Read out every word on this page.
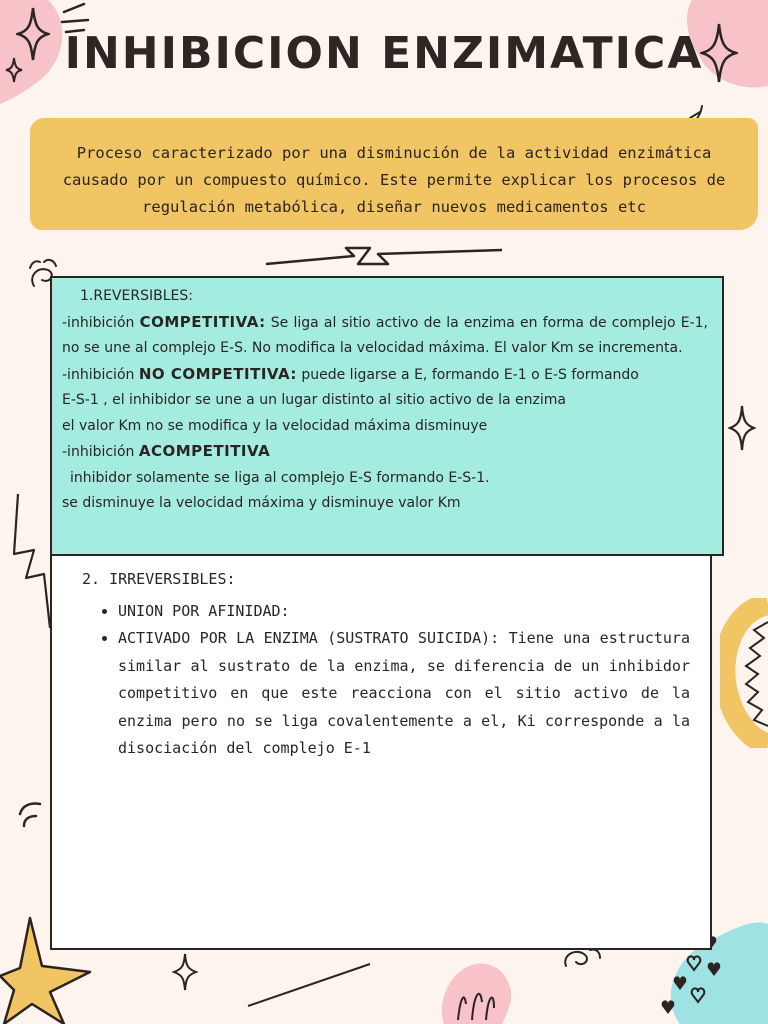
INHIBICION ENZIMATICA

Proceso caracterizado por una disminución de la actividad enzimática causado por un compuesto químico. Este permite explicar los procesos de regulación metabólica, diseñar nuevos medicamentos etc

1.REVERSIBLES:
-inhibición COMPETITIVA: Se liga al sitio activo de la enzima en forma de complejo E-1, no se une al complejo E-S. No modifica la velocidad máxima. El valor Km se incrementa.
-inhibición NO COMPETITIVA: puede ligarse a E, formando E-1 o E-S formando
E-S-1 , el inhibidor se une a un lugar distinto al sitio activo de la enzima
el valor Km no se modifica y la velocidad máxima disminuye
-inhibición ACOMPETITIVA
inhibidor solamente se liga al complejo E-S formando E-S-1.
se disminuye la velocidad máxima y disminuye valor Km
2. IRREVERSIBLES:
• UNION POR AFINIDAD:
• ACTIVADO POR LA ENZIMA (SUSTRATO SUICIDA): Tiene una estructura similar al sustrato de la enzima, se diferencia de un inhibidor competitivo en que este reacciona con el sitio activo de la enzima pero no se liga covalentemente a el, Ki corresponde a la disociación del complejo E-1
